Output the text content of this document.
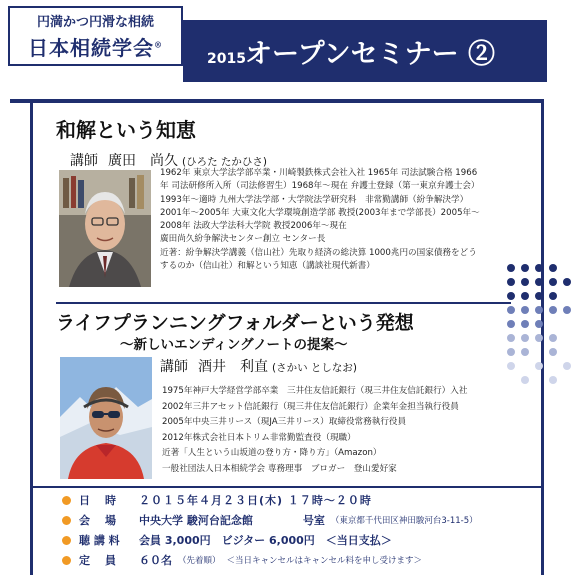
円満かつ円滑な相続
日本相続学会®
2015 オープンセミナー ②
和解という知恵
講師 廣田　尚久 (ひろた たかひさ)
1962年 東京大学法学部卒業・川崎製鉄株式会社入社 1965年 司法試験合格 1966
年 司法研修所入所（司法修習生）1968年〜現在 弁護士登録（第一東京弁護士会）
1993年〜適時 九州大学法学部・大学院法学研究科　非常勤講師（紛争解決学）
2001年〜2005年 大東文化大学環境創造学部 教授(2003年まで学部長）2005年〜
2008年 法政大学法科大学院 教授2006年〜現在
廣田尚久紛争解決センター創立 センター長
近著：紛争解決学講義（信山社）先取り経済の総決算 1000兆円の国家債務をどう
するのか（信山社）和解という知恵（講談社現代新書）
ライフプランニングフォルダーという発想
〜新しいエンディングノートの提案〜
講師 酒井　利直 (さかい としなお)
1975年神戸大学経営学部卒業　三井住友信託銀行（現三井住友信託銀行）入社
2002年三井アセット信託銀行（現三井住友信託銀行）企業年金担当執行役員
2005年中央三井リース（現JA三井リース）取締役常務執行役員
2012年株式会社日本トリム非常勤監査役（現職）
近著「人生という山坂道の登り方・降り方」（Amazon）
一般社団法人日本相続学会 専務理事　ブロガー　登山愛好家
日　時	２０１５年４月２３日(木) １７時～２０時
会　場	中央大学 駿河台記念館	号室 （東京都千代田区神田駿河台3-11-5）
聴 講 料	会員 3,000円　ビジター 6,000円　＜当日支払＞
定　員	６０名 （先着順） ＜当日キャンセルはキャンセル料を申し受けます＞
